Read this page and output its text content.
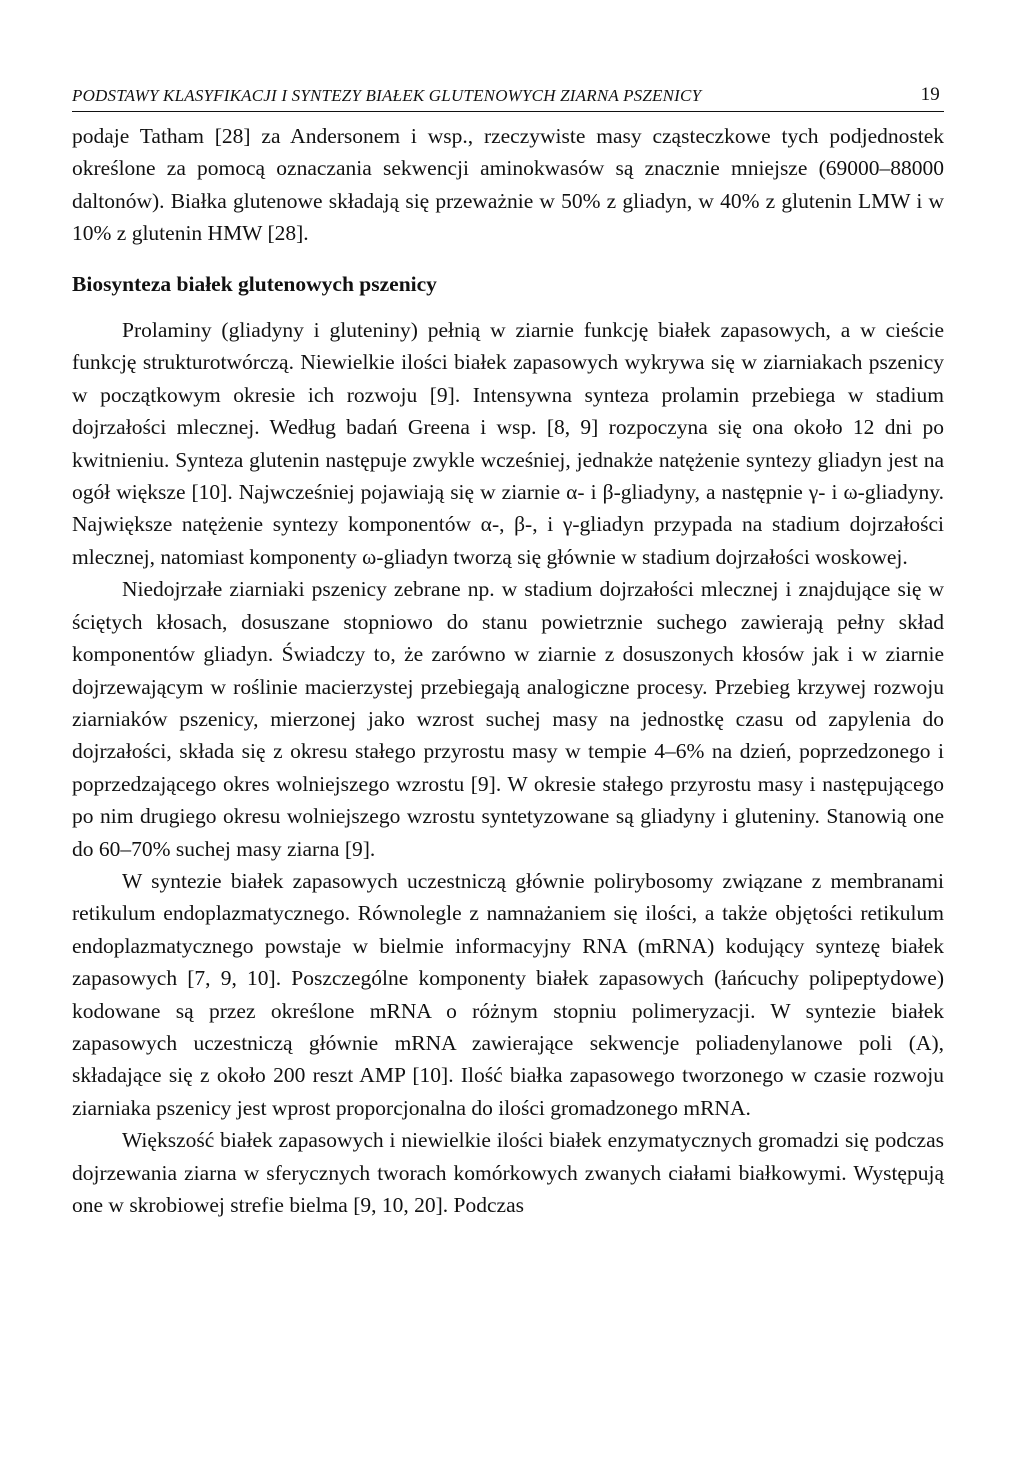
PODSTAWY KLASYFIKACJI I SYNTEZY BIAŁEK GLUTENOWYCH ZIARNA PSZENICY	19

podaje Tatham [28] za Andersonem i wsp., rzeczywiste masy cząsteczkowe tych podjednostek określone za pomocą oznaczania sekwencji aminokwasów są znacznie mniejsze (69000–88000 daltonów). Białka glutenowe składają się przeważnie w 50% z gliadyn, w 40% z glutenin LMW i w 10% z glutenin HMW [28].

Biosynteza białek glutenowych pszenicy

Prolaminy (gliadyny i gluteniny) pełnią w ziarnie funkcję białek zapasowych, a w cieście funkcję strukturotwórczą. Niewielkie ilości białek zapasowych wykrywa się w ziarniakach pszenicy w początkowym okresie ich rozwoju [9]. Intensywna synteza prolamin przebiega w stadium dojrzałości mlecznej. Według badań Greena i wsp. [8, 9] rozpoczyna się ona około 12 dni po kwitnieniu. Synteza glutenin następuje zwykle wcześniej, jednakże natężenie syntezy gliadyn jest na ogół większe [10]. Najwcześniej pojawiają się w ziarnie α- i β-gliadyny, a następnie γ- i ω-gliadyny. Największe natężenie syntezy komponentów α-, β-, i γ-gliadyn przypada na stadium dojrzałości mlecznej, natomiast komponenty ω-gliadyn tworzą się głównie w stadium dojrzałości woskowej.

Niedojrzałe ziarniaki pszenicy zebrane np. w stadium dojrzałości mlecznej i znajdujące się w ściętych kłosach, dosuszane stopniowo do stanu powietrznie suchego zawierają pełny skład komponentów gliadyn. Świadczy to, że zarówno w ziarnie z dosuszonych kłosów jak i w ziarnie dojrzewającym w roślinie macierzystej przebiegają analogiczne procesy. Przebieg krzywej rozwoju ziarniaków pszenicy, mierzonej jako wzrost suchej masy na jednostkę czasu od zapylenia do dojrzałości, składa się z okresu stałego przyrostu masy w tempie 4–6% na dzień, poprzedzonego i poprzedzającego okres wolniejszego wzrostu [9]. W okresie stałego przyrostu masy i następującego po nim drugiego okresu wolniejszego wzrostu syntetyzowane są gliadyny i gluteniny. Stanowią one do 60–70% suchej masy ziarna [9].

W syntezie białek zapasowych uczestniczą głównie polirybosomy związane z membranami retikulum endoplazmatycznego. Równolegle z namnażaniem się ilości, a także objętości retikulum endoplazmatycznego powstaje w bielmie informacyjny RNA (mRNA) kodujący syntezę białek zapasowych [7, 9, 10]. Poszczególne komponenty białek zapasowych (łańcuchy polipeptydowe) kodowane są przez określone mRNA o różnym stopniu polimeryzacji. W syntezie białek zapasowych uczestniczą głównie mRNA zawierające sekwencje poliadenylanowe poli (A), składające się z około 200 reszt AMP [10]. Ilość białka zapasowego tworzonego w czasie rozwoju ziarniaka pszenicy jest wprost proporcjonalna do ilości gromadzonego mRNA.

Większość białek zapasowych i niewielkie ilości białek enzymatycznych gromadzi się podczas dojrzewania ziarna w sferycznych tworach komórkowych zwanych ciałami białkowymi. Występują one w skrobiowej strefie bielma [9, 10, 20]. Podczas
